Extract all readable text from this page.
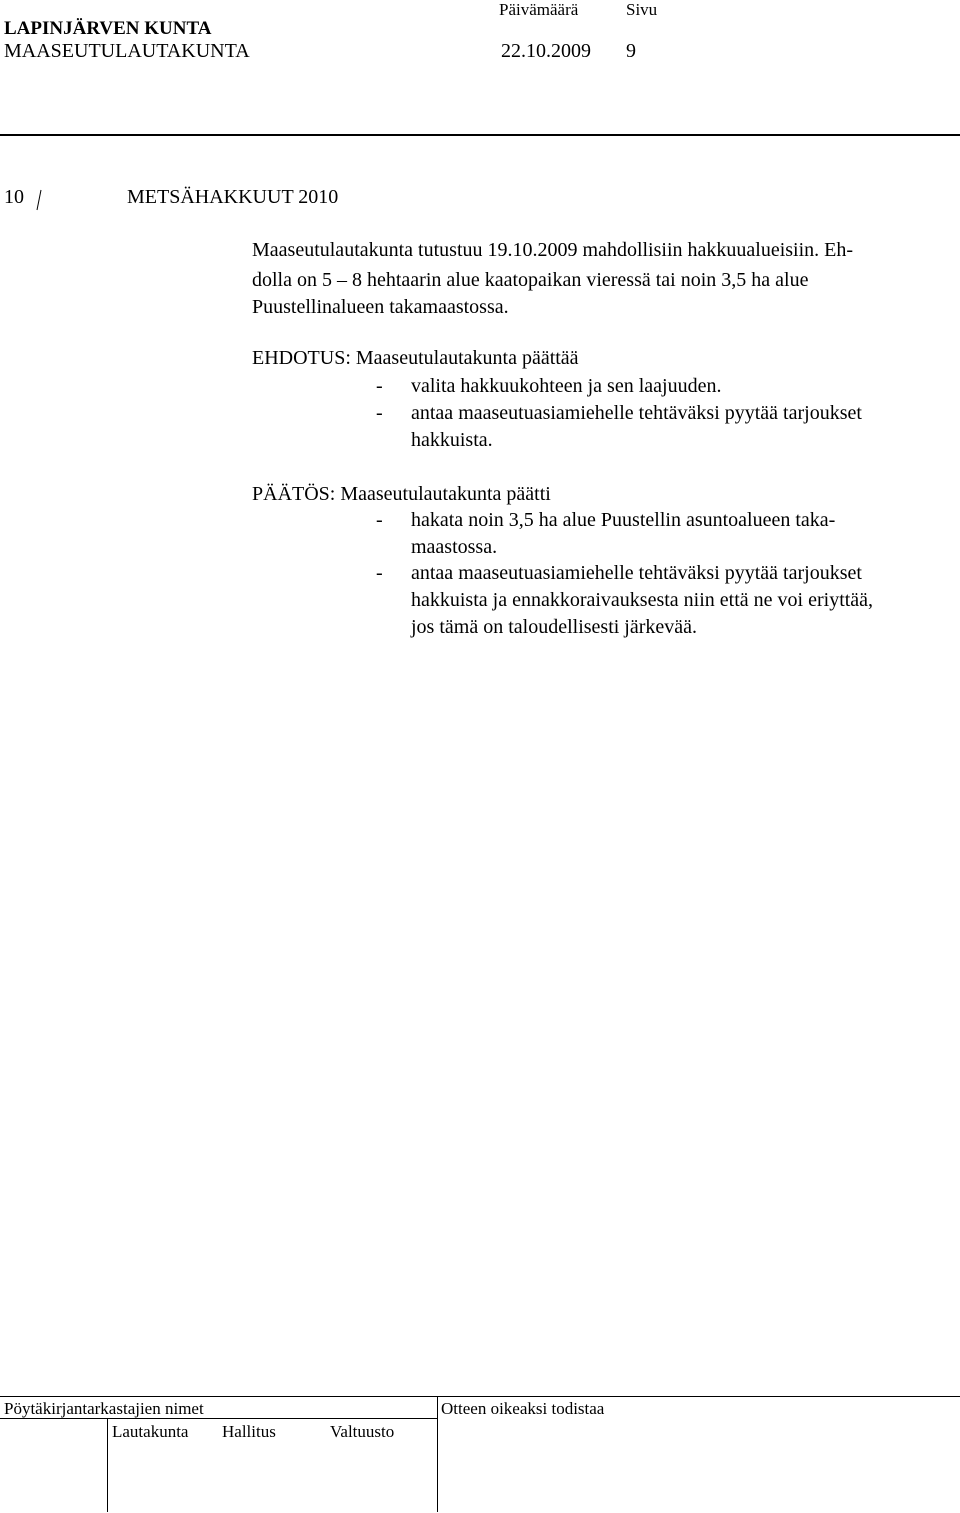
LAPINJÄRVEN KUNTA
MAASEUTULAUTAKUNTA
Päivämäärä	Sivu
22.10.2009 9
10	METSÄHAKKUUT 2010
Maaseutulautakunta tutustuu 19.10.2009 mahdollisiin hakkuualueisiin. Eh-
dolla on 5 – 8 hehtaarin alue kaatopaikan vieressä tai noin 3,5 ha alue
Puustellinalueen takamaastossa.
EHDOTUS: Maaseutulautakunta päättää
- valita hakkuukohteen ja sen laajuuden.
- antaa maaseutuasiamiehelle tehtäväksi pyytää tarjoukset
hakkuista.
PÄÄTÖS: Maaseutulautakunta päätti
- hakata noin 3,5 ha alue Puustellin asuntoalueen taka-
maastossa.
- antaa maaseutuasiamiehelle tehtäväksi pyytää tarjoukset
hakkuista ja ennakkoraivauksesta niin että ne voi eriyttää,
jos tämä on taloudellisesti järkevää.
Pöytäkirjantarkastajien nimet	Otteen oikeaksi todistaa
Lautakunta Hallitus	Valtuusto
